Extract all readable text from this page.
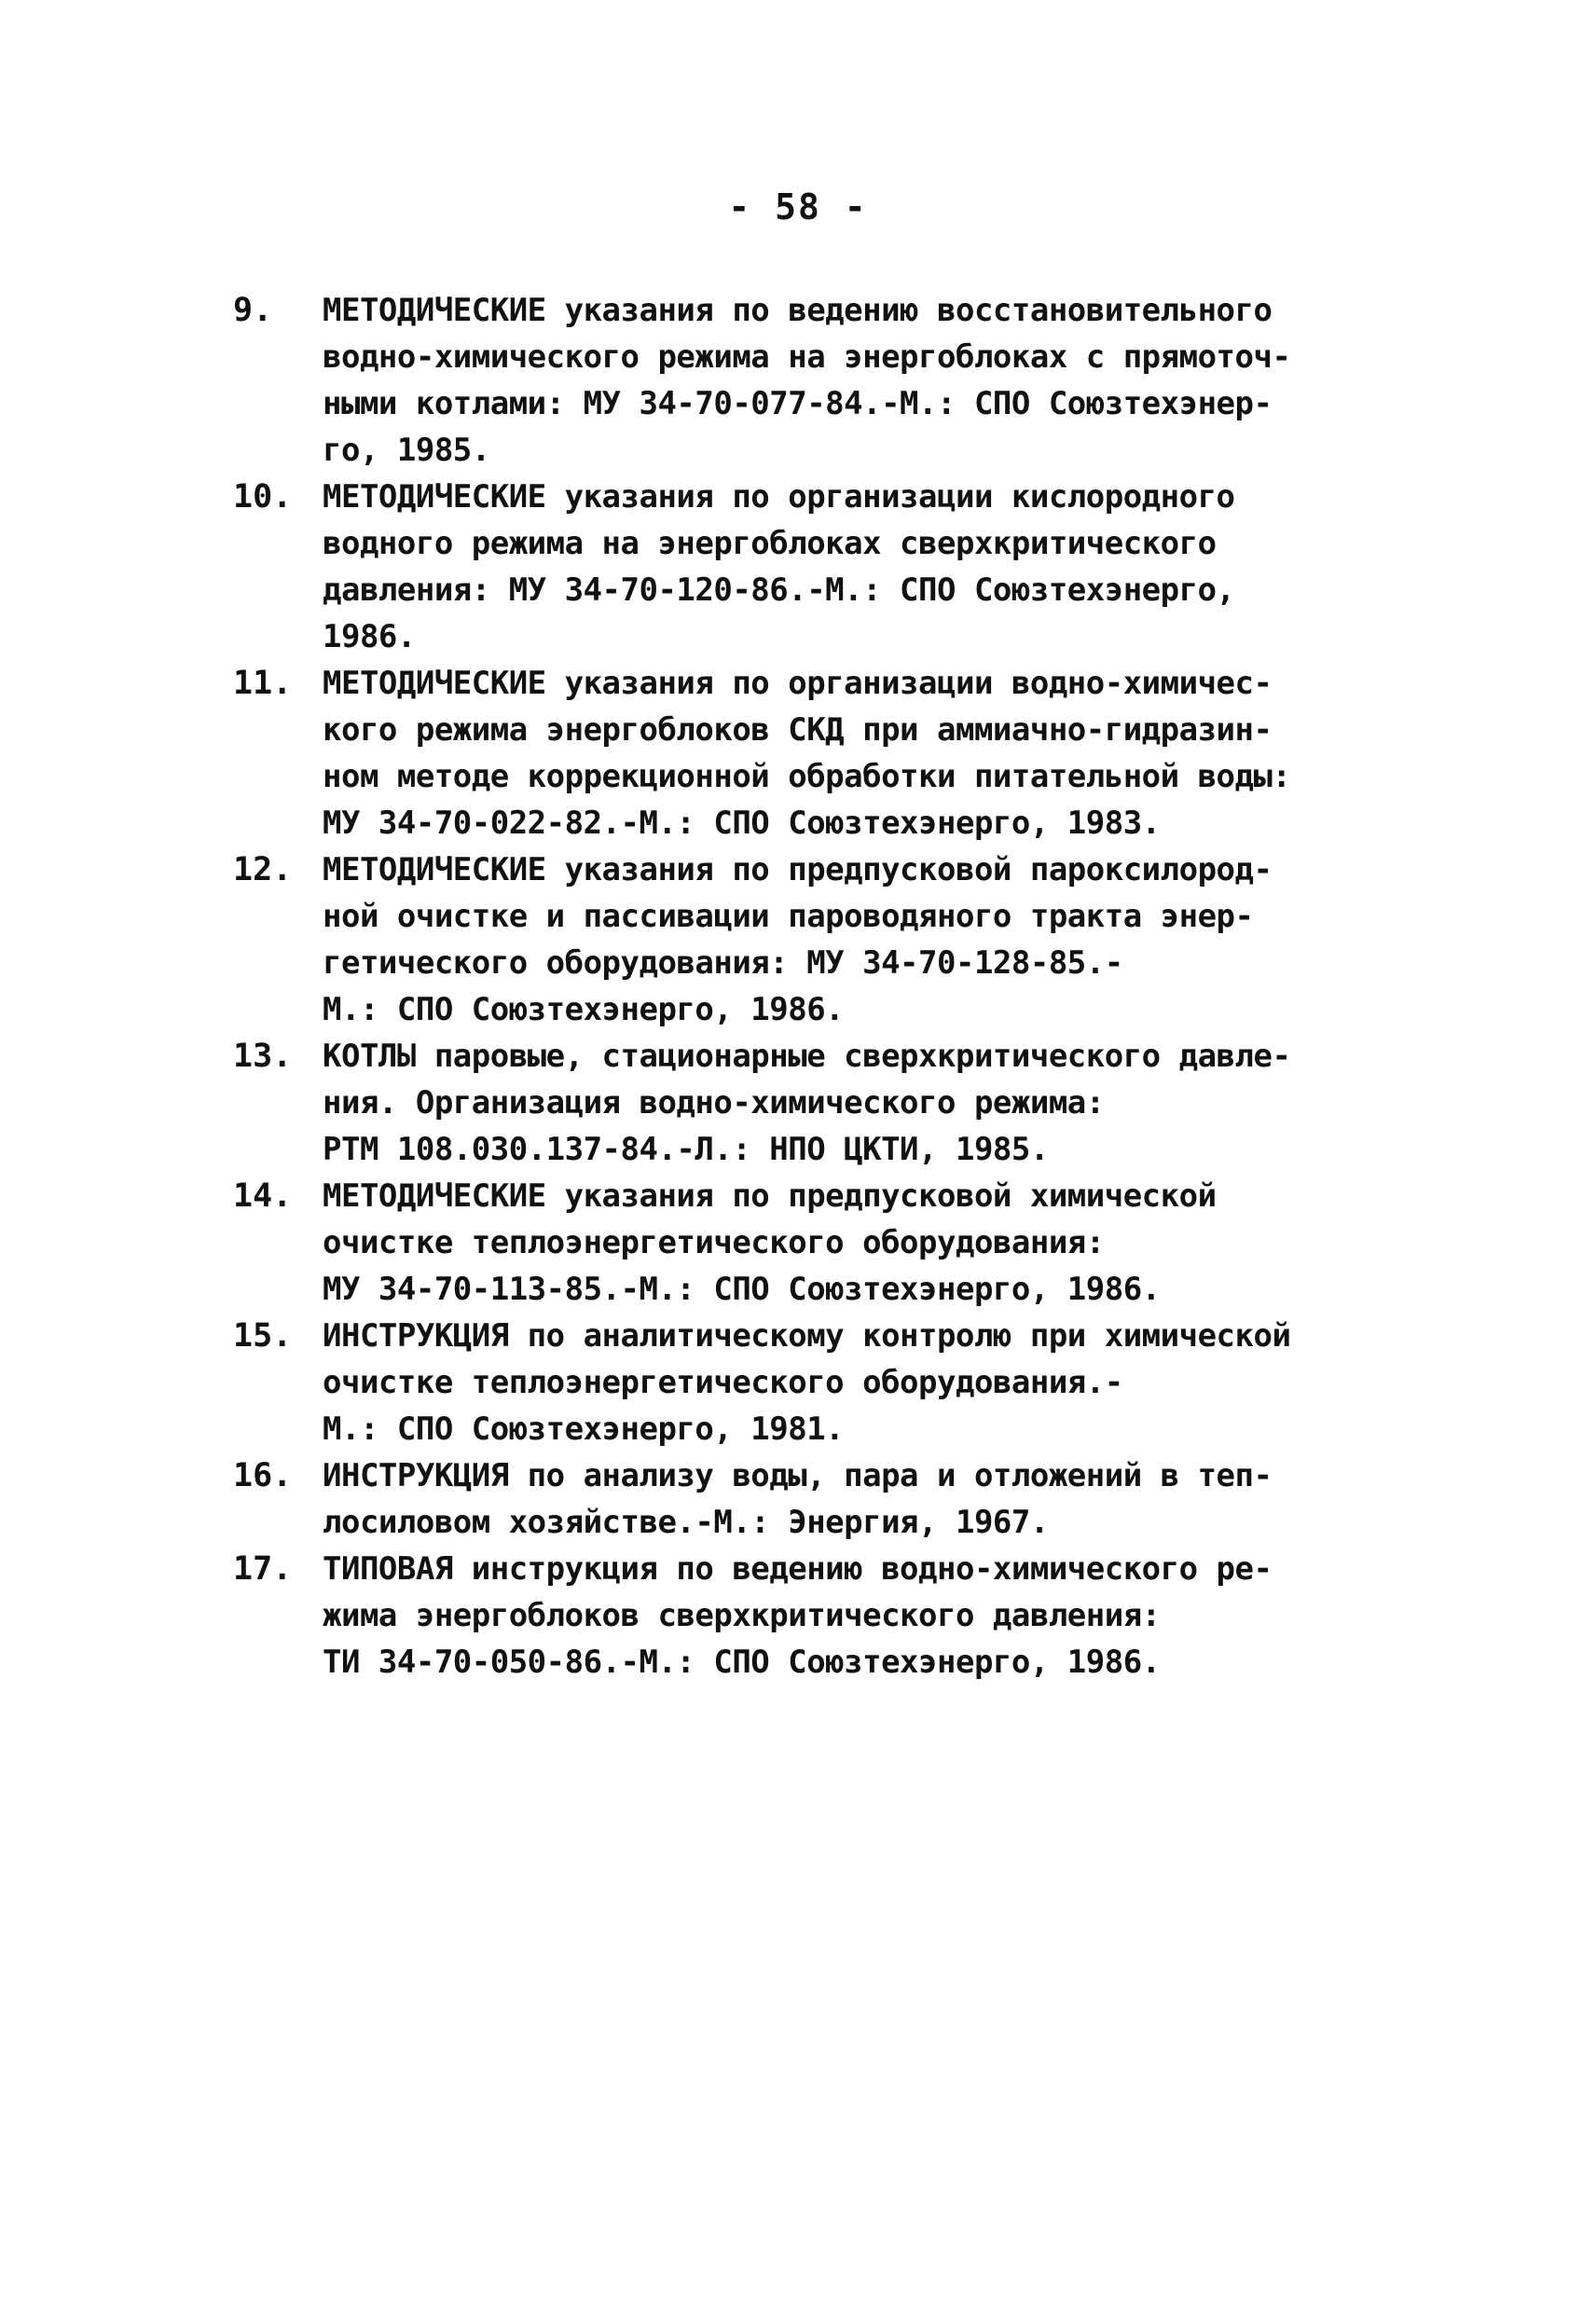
- 58 -
9. МЕТОДИЧЕСКИЕ указания по ведению восстановительного
водно-химического режима на энергоблоках с прямоточ-
ными котлами: МУ 34-70-077-84.-М.: СПО Союзтехэнер-
го, 1985.
10. МЕТОДИЧЕСКИЕ указания по организации кислородного
водного режима на энергоблоках сверхкритического
давления: МУ 34-70-120-86.-М.: СПО Союзтехэнерго,
1986.
11. МЕТОДИЧЕСКИЕ указания по организации водно-химичес-
кого режима энергоблоков СКД при аммиачно-гидразин-
ном методе коррекционной обработки питательной воды:
МУ 34-70-022-82.-М.: СПО Союзтехэнерго, 1983.
12. МЕТОДИЧЕСКИЕ указания по предпусковой пароксилород-
ной очистке и пассивации пароводяного тракта энер-
гетического оборудования: МУ 34-70-128-85.-
М.: СПО Союзтехэнерго, 1986.
13. КОТЛЫ паровые, стационарные сверхкритического давле-
ния. Организация водно-химического режима:
РТМ 108.030.137-84.-Л.: НПО ЦКТИ, 1985.
14. МЕТОДИЧЕСКИЕ указания по предпусковой химической
очистке теплоэнергетического оборудования:
МУ 34-70-113-85.-М.: СПО Союзтехэнерго, 1986.
15. ИНСТРУКЦИЯ по аналитическому контролю при химической
очистке теплоэнергетического оборудования.-
М.: СПО Союзтехэнерго, 1981.
16. ИНСТРУКЦИЯ по анализу воды, пара и отложений в теп-
лосиловом хозяйстве.-М.: Энергия, 1967.
17. ТИПОВАЯ инструкция по ведению водно-химического ре-
жима энергоблоков сверхкритического давления:
ТИ 34-70-050-86.-М.: СПО Союзтехэнерго, 1986.
